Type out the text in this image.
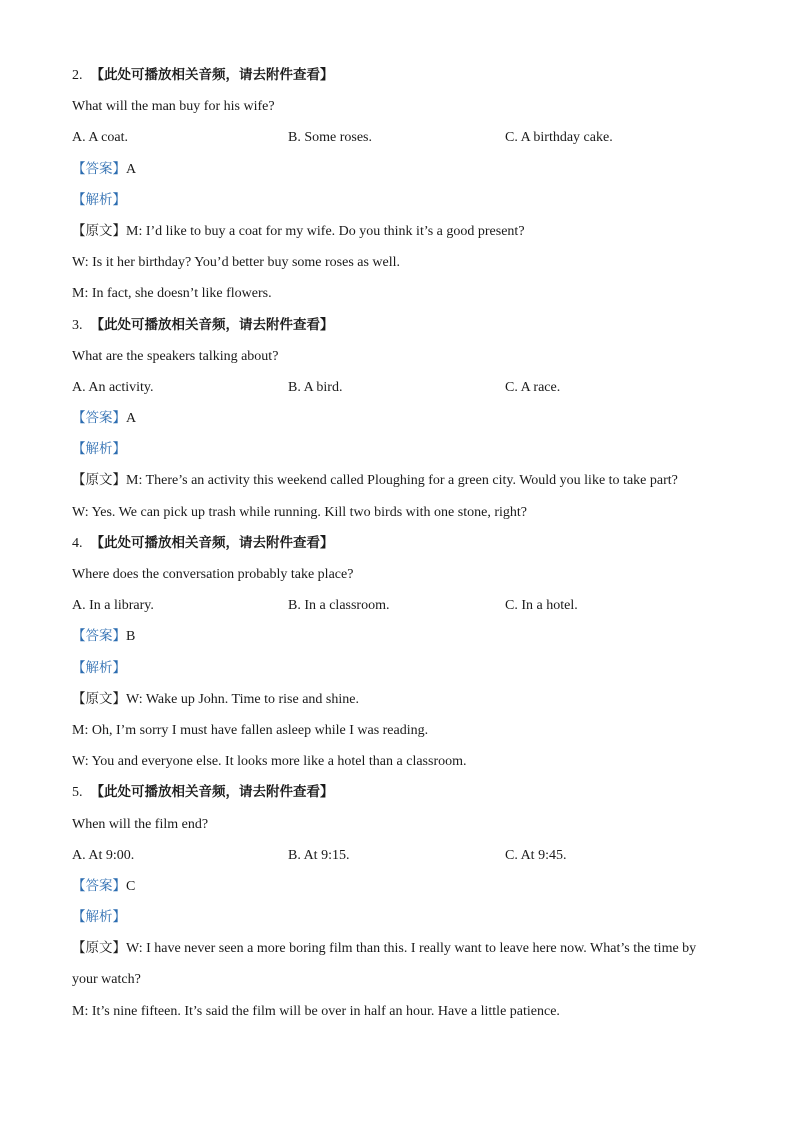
2. 【此处可播放相关音频，请去附件查看】
What will the man buy for his wife?
A. A coat.	B. Some roses.	C. A birthday cake.
【答案】A
【解析】
【原文】M: I’d like to buy a coat for my wife. Do you think it’s a good present?
W: Is it her birthday? You’d better buy some roses as well.
M: In fact, she doesn’t like flowers.
3. 【此处可播放相关音频，请去附件查看】
What are the speakers talking about?
A. An activity.	B. A bird.	C. A race.
【答案】A
【解析】
【原文】M: There’s an activity this weekend called Ploughing for a green city. Would you like to take part?
W: Yes. We can pick up trash while running. Kill two birds with one stone, right?
4. 【此处可播放相关音频，请去附件查看】
Where does the conversation probably take place?
A. In a library.	B. In a classroom.	C. In a hotel.
【答案】B
【解析】
【原文】W: Wake up John. Time to rise and shine.
M: Oh, I’m sorry I must have fallen asleep while I was reading.
W: You and everyone else. It looks more like a hotel than a classroom.
5. 【此处可播放相关音频，请去附件查看】
When will the film end?
A. At 9:00.	B. At 9:15.	C. At 9:45.
【答案】C
【解析】
【原文】W: I have never seen a more boring film than this. I really want to leave here now. What’s the time by
your watch?
M: It’s nine fifteen. It’s said the film will be over in half an hour. Have a little patience.
